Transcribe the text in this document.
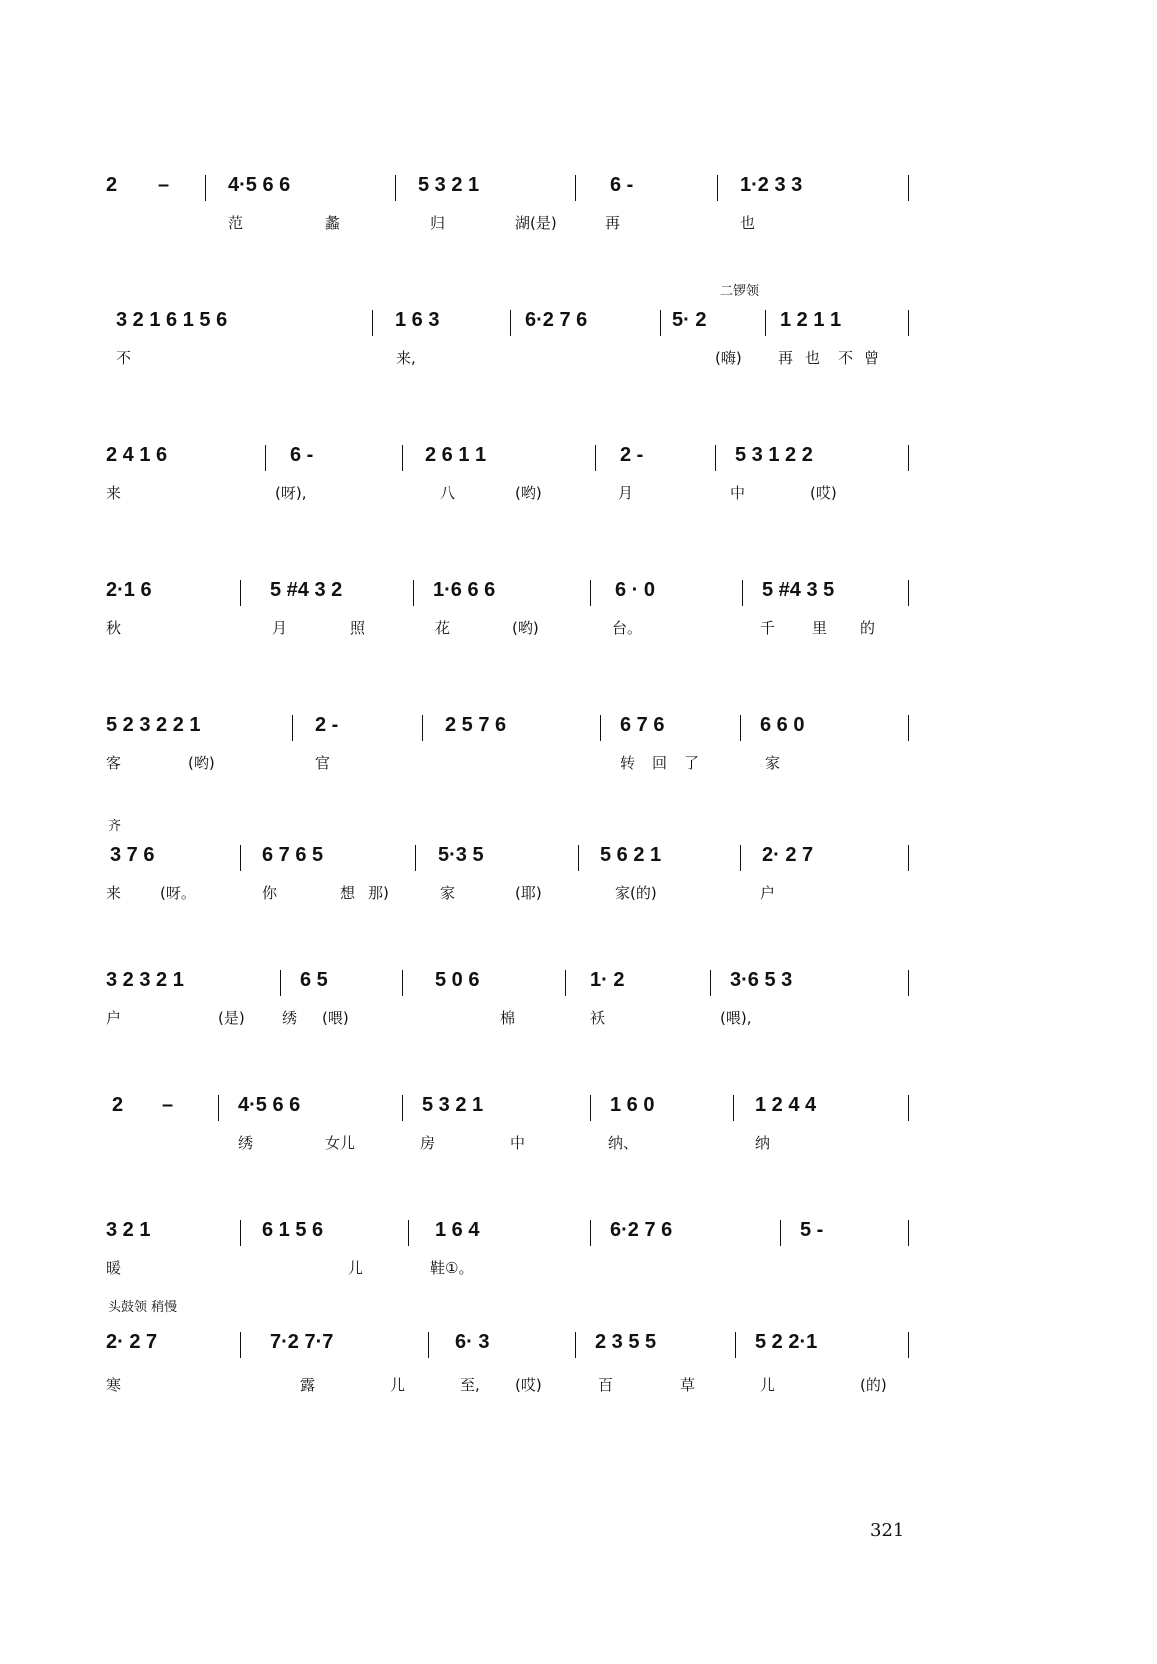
2 –	4·5 6 6	5 3 2 1	6 -	1·2 3 3
范	蠡	归	湖(是)	再	也
二锣领
3 2 1 6 1 5 6	1 6 3	6·2 7 6	5· 2	1 2 1 1
不	来,	(嗨) 再 也 不 曾
2 4 1 6	6 -	2 6 1 1	2 -	5 3 1 2 2
来	(呀),	八	(哟)	月	中	(哎)
2·1 6	5 #4 3 2	1·6 6 6	6 · 0	5 #4 3 5
秋	月	照	花	(哟)	台。	千 里 的
5 2 3 2 2 1	2 -	2 5 7 6	6 7 6	6 6 0
客	(哟)	官	转 回 了	家
齐
3 7 6	6 7 6 5	5·3 5	5 6 2 1	2· 2 7
来	(呀。	你	想 那)	家	(耶)	家(的)	户
3 2 3 2 1	6 5	5 0 6	1· 2	3·6 5 3
户	(是) 绣 (喂)	棉	袄	(喂),
2 –	4·5 6 6	5 3 2 1	1 6 0	1 2 4 4
绣	女儿	房	中	纳、	纳
3 2 1	6 1 5 6	1 6 4	6·2 7 6	5 -
暖	儿	鞋①。
头鼓领 稍慢
2· 2 7	7·2 7·7	6· 3	2 3 5 5	5 2 2·1
寒	露	儿	至, (哎)	百	草	儿	(的)
321
